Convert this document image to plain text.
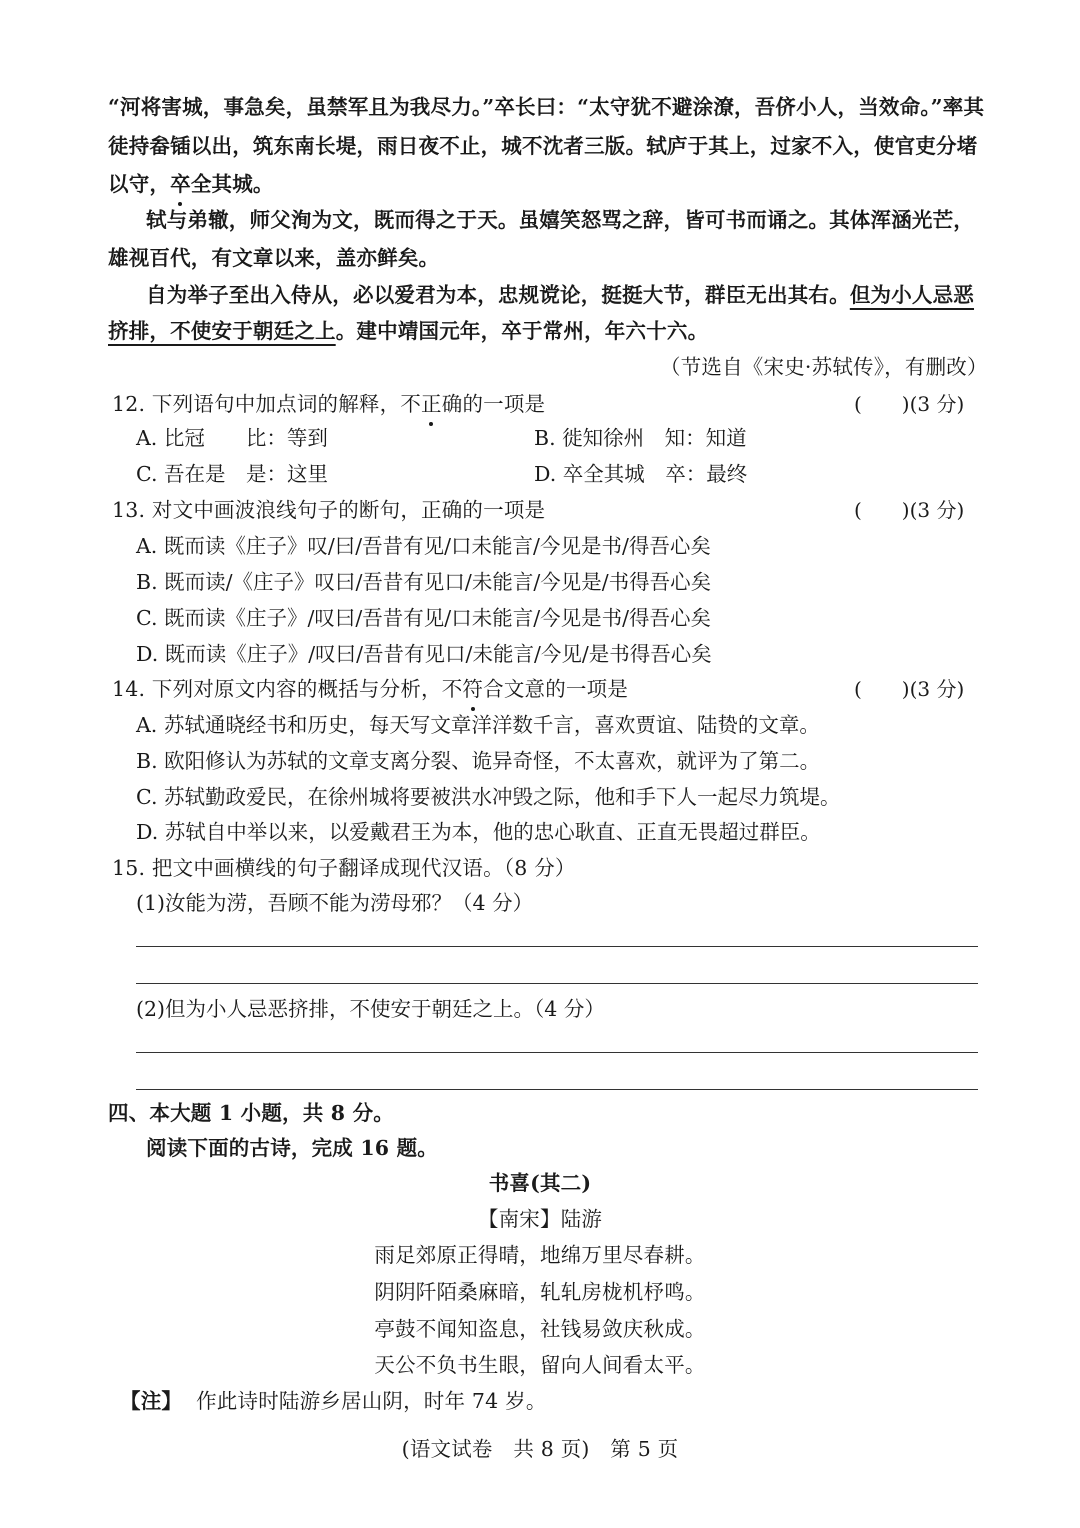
“河将害城，事急矣，虽禁军且为我尽力。”卒长曰：“太守犹不避涂潦，吾侪小人，当效命。”率其
徒持畚锸以出，筑东南长堤，雨日夜不止，城不沈者三版。轼庐于其上，过家不入，使官吏分堵
以守，卒全其城。
轼与弟辙，师父洵为文，既而得之于天。虽嬉笑怒骂之辞，皆可书而诵之。其体浑涵光芒，
雄视百代，有文章以来，盖亦鲜矣。
自为举子至出入侍从，必以爱君为本，忠规谠论，挺挺大节，群臣无出其右。但为小人忌恶
挤排，不使安于朝廷之上。建中靖国元年，卒于常州，年六十六。
（节选自《宋史·苏轼传》，有删改）
12. 下列语句中加点词的解释，不正确的一项是	(　　)(3 分)
A. 比冠　　比：等到	B. 徙知徐州　知：知道
C. 吾在是　是：这里	D. 卒全其城　卒：最终
13. 对文中画波浪线句子的断句，正确的一项是	(　　)(3 分)
A. 既而读《庄子》叹/曰/吾昔有见/口未能言/今见是书/得吾心矣
B. 既而读/《庄子》叹曰/吾昔有见口/未能言/今见是/书得吾心矣
C. 既而读《庄子》/叹曰/吾昔有见/口未能言/今见是书/得吾心矣
D. 既而读《庄子》/叹曰/吾昔有见口/未能言/今见/是书得吾心矣
14. 下列对原文内容的概括与分析，不符合文意的一项是	(　　)(3 分)
A. 苏轼通晓经书和历史，每天写文章洋洋数千言，喜欢贾谊、陆贽的文章。
B. 欧阳修认为苏轼的文章支离分裂、诡异奇怪，不太喜欢，就评为了第二。
C. 苏轼勤政爱民，在徐州城将要被洪水冲毁之际，他和手下人一起尽力筑堤。
D. 苏轼自中举以来，以爱戴君王为本，他的忠心耿直、正直无畏超过群臣。
15. 把文中画横线的句子翻译成现代汉语。（8 分）
(1)汝能为涝，吾顾不能为涝母邪？（4 分）
(2)但为小人忌恶挤排，不使安于朝廷之上。（4 分）
四、本大题 1 小题，共 8 分。
阅读下面的古诗，完成 16 题。
书喜(其二)
【南宋】陆游
雨足郊原正得晴，地绵万里尽春耕。
阴阴阡陌桑麻暗，轧轧房栊机杼鸣。
亭鼓不闻知盗息，社钱易敛庆秋成。
天公不负书生眼，留向人间看太平。
【注】 作此诗时陆游乡居山阴，时年 74 岁。
(语文试卷　共 8 页)　第 5 页
